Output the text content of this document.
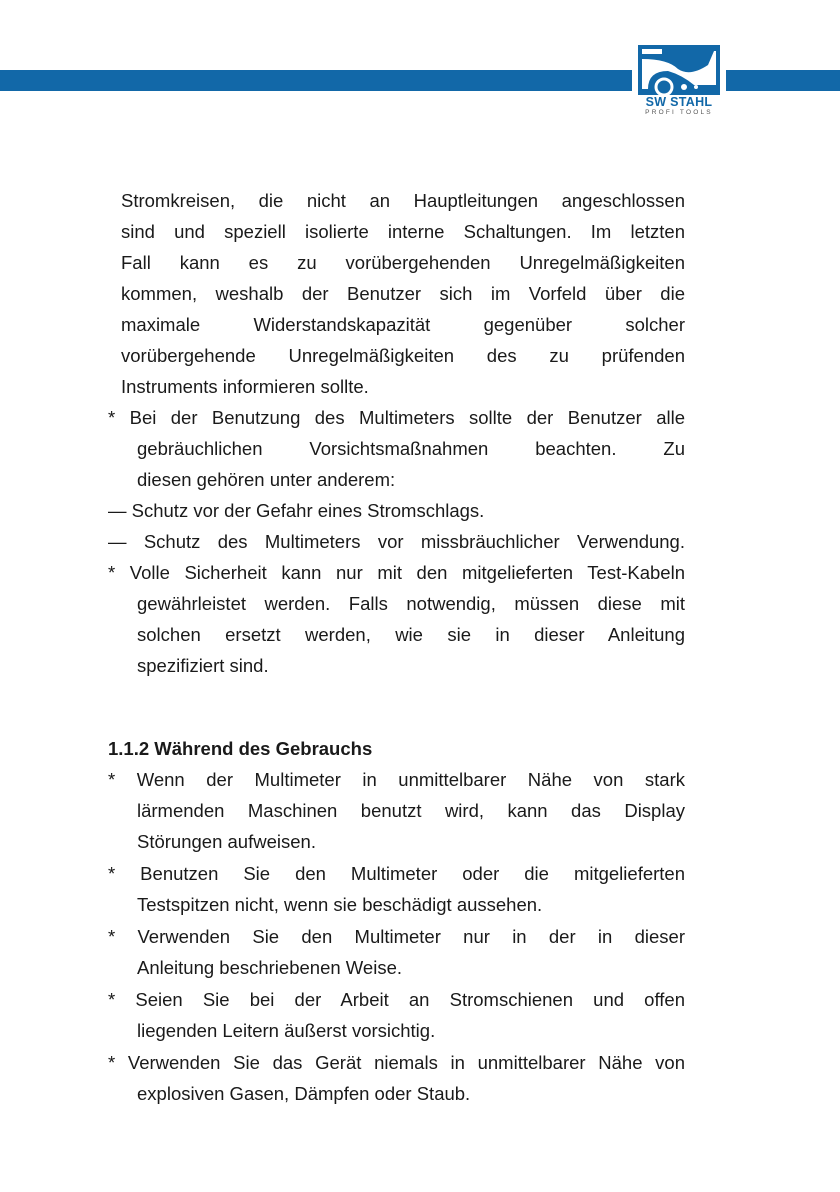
SW STAHL
PROFI TOOLS
Stromkreisen, die nicht an Hauptleitungen angeschlossen
sind und speziell isolierte interne Schaltungen. Im letzten
Fall kann es zu vorübergehenden Unregelmäßigkeiten
kommen, weshalb der Benutzer sich im Vorfeld über die
maximale Widerstandskapazität gegenüber solcher
vorübergehende Unregelmäßigkeiten des zu prüfenden
Instruments informieren sollte.
* Bei der Benutzung des Multimeters sollte der Benutzer alle
gebräuchlichen Vorsichtsmaßnahmen beachten. Zu
diesen gehören unter anderem:
— Schutz vor der Gefahr eines Stromschlags.
— Schutz des Multimeters vor missbräuchlicher Verwendung.
* Volle Sicherheit kann nur mit den mitgelieferten Test-Kabeln
gewährleistet werden. Falls notwendig, müssen diese mit
solchen ersetzt werden, wie sie in dieser Anleitung
spezifiziert sind.
1.1.2 Während des Gebrauchs
* Wenn der Multimeter in unmittelbarer Nähe von stark
lärmenden Maschinen benutzt wird, kann das Display
Störungen aufweisen.
* Benutzen Sie den Multimeter oder die mitgelieferten
Testspitzen nicht, wenn sie beschädigt aussehen.
* Verwenden Sie den Multimeter nur in der in dieser
Anleitung beschriebenen Weise.
* Seien Sie bei der Arbeit an Stromschienen und offen
liegenden Leitern äußerst vorsichtig.
* Verwenden Sie das Gerät niemals in unmittelbarer Nähe von
explosiven Gasen, Dämpfen oder Staub.
